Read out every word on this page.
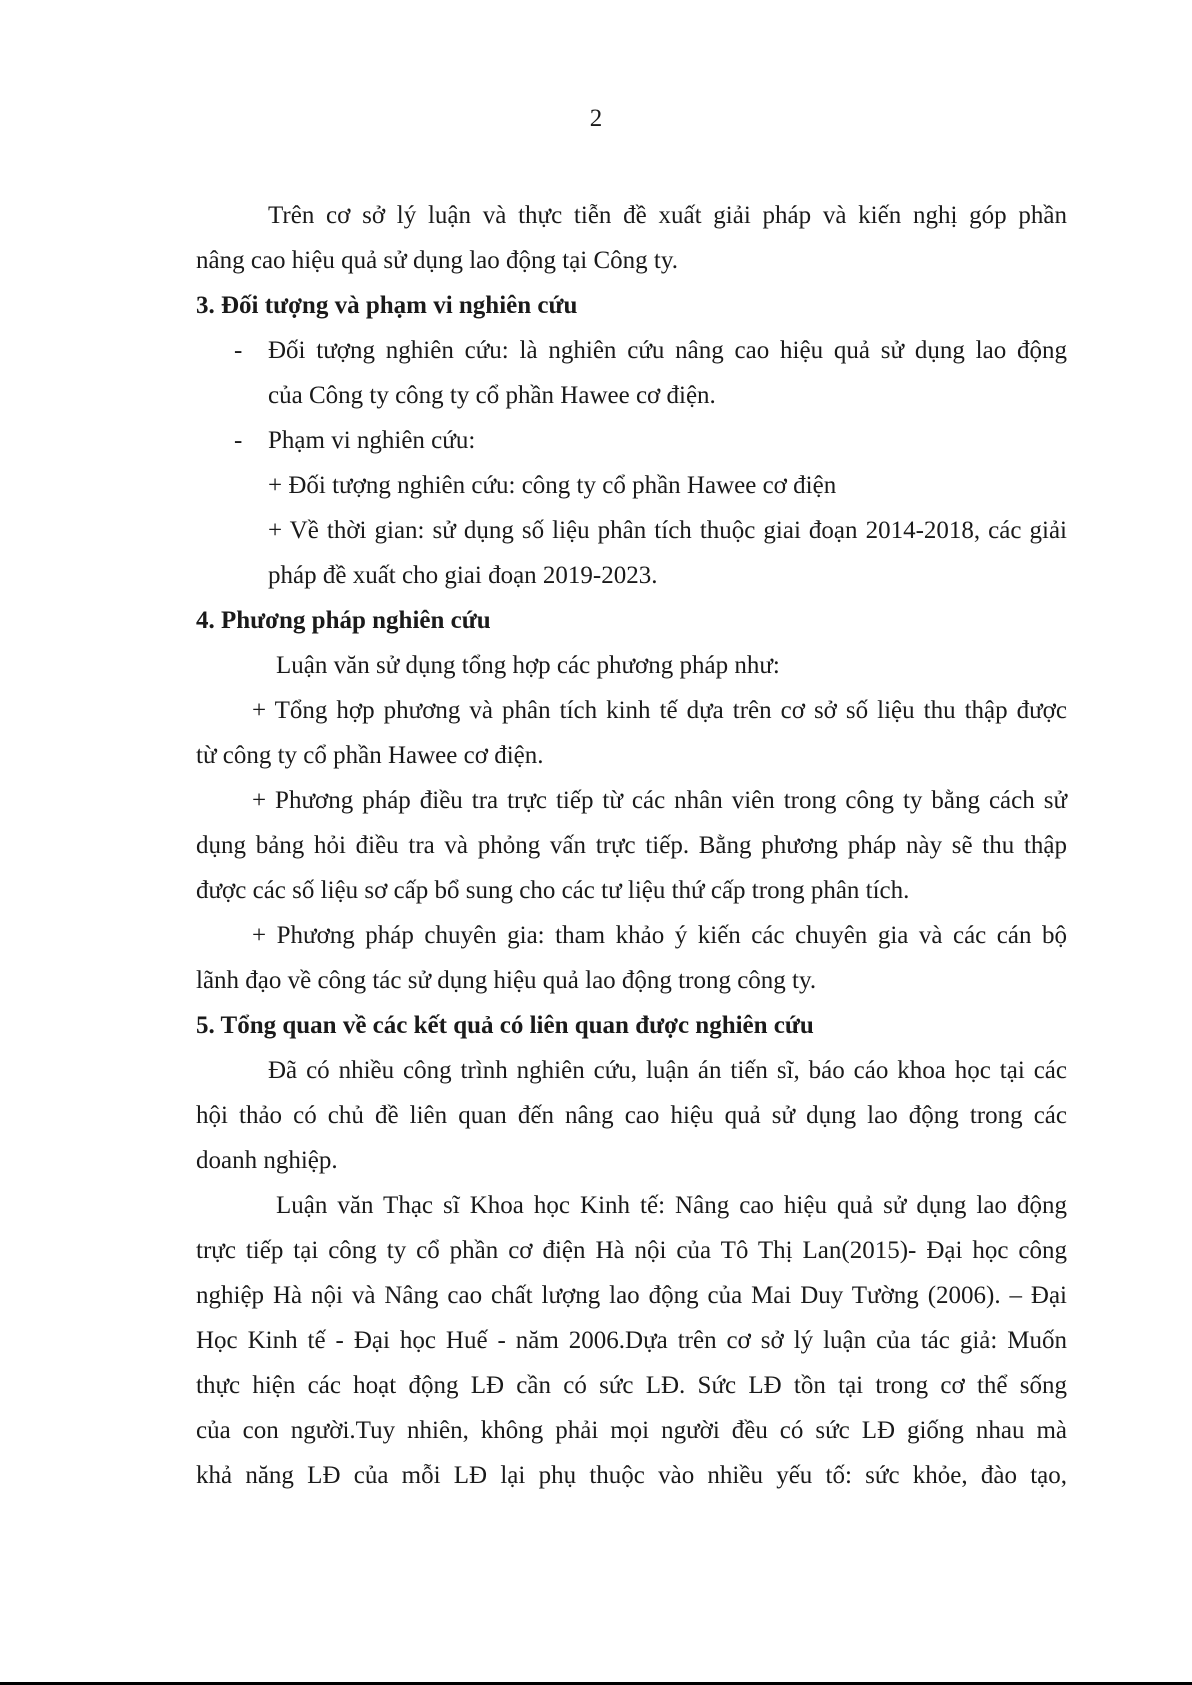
2
Trên cơ sở lý luận và thực tiễn đề xuất giải pháp và kiến nghị góp phần
nâng cao hiệu quả sử dụng lao động tại Công ty.
3. Đối tượng và phạm vi nghiên cứu
- Đối tượng nghiên cứu: là nghiên cứu nâng cao hiệu quả sử dụng lao động
của Công ty công ty cổ phần Hawee cơ điện.
- Phạm vi nghiên cứu:
+ Đối tượng nghiên cứu: công ty cổ phần Hawee cơ điện
+ Về thời gian: sử dụng số liệu phân tích thuộc giai đoạn 2014-2018, các giải
pháp đề xuất cho giai đoạn 2019-2023.
4. Phương pháp nghiên cứu
Luận văn sử dụng tổng hợp các phương pháp như:
+ Tổng hợp phương và phân tích kinh tế dựa trên cơ sở số liệu thu thập được
từ công ty cổ phần Hawee cơ điện.
+ Phương pháp điều tra trực tiếp từ các nhân viên trong công ty bằng cách sử
dụng bảng hỏi điều tra và phỏng vấn trực tiếp. Bằng phương pháp này sẽ thu thập
được các số liệu sơ cấp bổ sung cho các tư liệu thứ cấp trong phân tích.
+ Phương pháp chuyên gia: tham khảo ý kiến các chuyên gia và các cán bộ
lãnh đạo về công tác sử dụng hiệu quả lao động trong công ty.
5. Tổng quan về các kết quả có liên quan được nghiên cứu
Đã có nhiều công trình nghiên cứu, luận án tiến sĩ, báo cáo khoa học tại các
hội thảo có chủ đề liên quan đến nâng cao hiệu quả sử dụng lao động trong các
doanh nghiệp.
Luận văn Thạc sĩ Khoa học Kinh tế: Nâng cao hiệu quả sử dụng lao động
trực tiếp tại công ty cổ phần cơ điện Hà nội của Tô Thị Lan(2015)- Đại học công
nghiệp Hà nội và Nâng cao chất lượng lao động của Mai Duy Tường (2006). – Đại
Học Kinh tế - Đại học Huế - năm 2006.Dựa trên cơ sở lý luận của tác giả: Muốn
thực hiện các hoạt động LĐ cần có sức LĐ. Sức LĐ tồn tại trong cơ thể sống
của con người.Tuy nhiên, không phải mọi người đều có sức LĐ giống nhau mà
khả năng LĐ của mỗi LĐ lại phụ thuộc vào nhiều yếu tố: sức khỏe, đào tạo,
